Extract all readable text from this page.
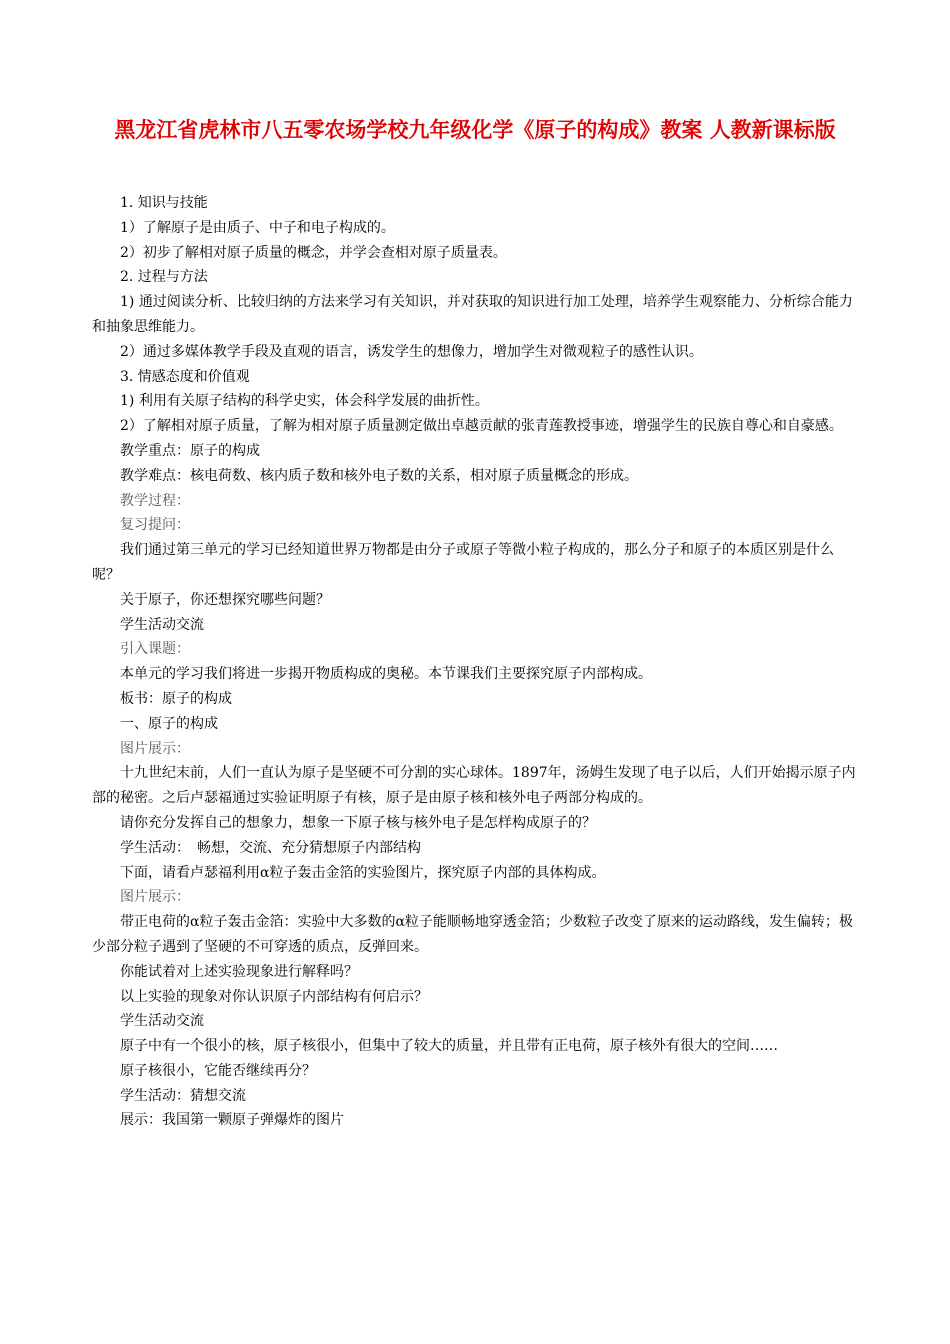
黑龙江省虎林市八五零农场学校九年级化学《原子的构成》教案 人教新课标版

1. 知识与技能

1）了解原子是由质子、中子和电子构成的。

2）初步了解相对原子质量的概念，并学会查相对原子质量表。

2. 过程与方法

1) 通过阅读分析、比较归纳的方法来学习有关知识，并对获取的知识进行加工处理，培养学生观察能力、分析综合能力和抽象思维能力。

2）通过多媒体教学手段及直观的语言，诱发学生的想像力，增加学生对微观粒子的感性认识。

3. 情感态度和价值观

1) 利用有关原子结构的科学史实，体会科学发展的曲折性。

2）了解相对原子质量，了解为相对原子质量测定做出卓越贡献的张青莲教授事迹，增强学生的民族自尊心和自豪感。

教学重点：原子的构成

教学难点：核电荷数、核内质子数和核外电子数的关系，相对原子质量概念的形成。

教学过程：

复习提问：

我们通过第三单元的学习已经知道世界万物都是由分子或原子等微小粒子构成的，那么分子和原子的本质区别是什么呢？

关于原子，你还想探究哪些问题？

学生活动交流

引入课题：

本单元的学习我们将进一步揭开物质构成的奥秘。本节课我们主要探究原子内部构成。

板书：原子的构成

一、原子的构成

图片展示：

十九世纪末前，人们一直认为原子是坚硬不可分割的实心球体。1897年，汤姆生发现了电子以后，人们开始揭示原子内部的秘密。之后卢瑟福通过实验证明原子有核，原子是由原子核和核外电子两部分构成的。

请你充分发挥自己的想象力，想象一下原子核与核外电子是怎样构成原子的？

学生活动：　畅想，交流、充分猜想原子内部结构

下面，请看卢瑟福利用α粒子轰击金箔的实验图片，探究原子内部的具体构成。

图片展示：

带正电荷的α粒子轰击金箔：实验中大多数的α粒子能顺畅地穿透金箔；少数粒子改变了原来的运动路线，发生偏转；极少部分粒子遇到了坚硬的不可穿透的质点，反弹回来。

你能试着对上述实验现象进行解释吗？

以上实验的现象对你认识原子内部结构有何启示？

学生活动交流

原子中有一个很小的核，原子核很小，但集中了较大的质量，并且带有正电荷，原子核外有很大的空间……

原子核很小，它能否继续再分？

学生活动：猜想交流

展示：我国第一颗原子弹爆炸的图片
